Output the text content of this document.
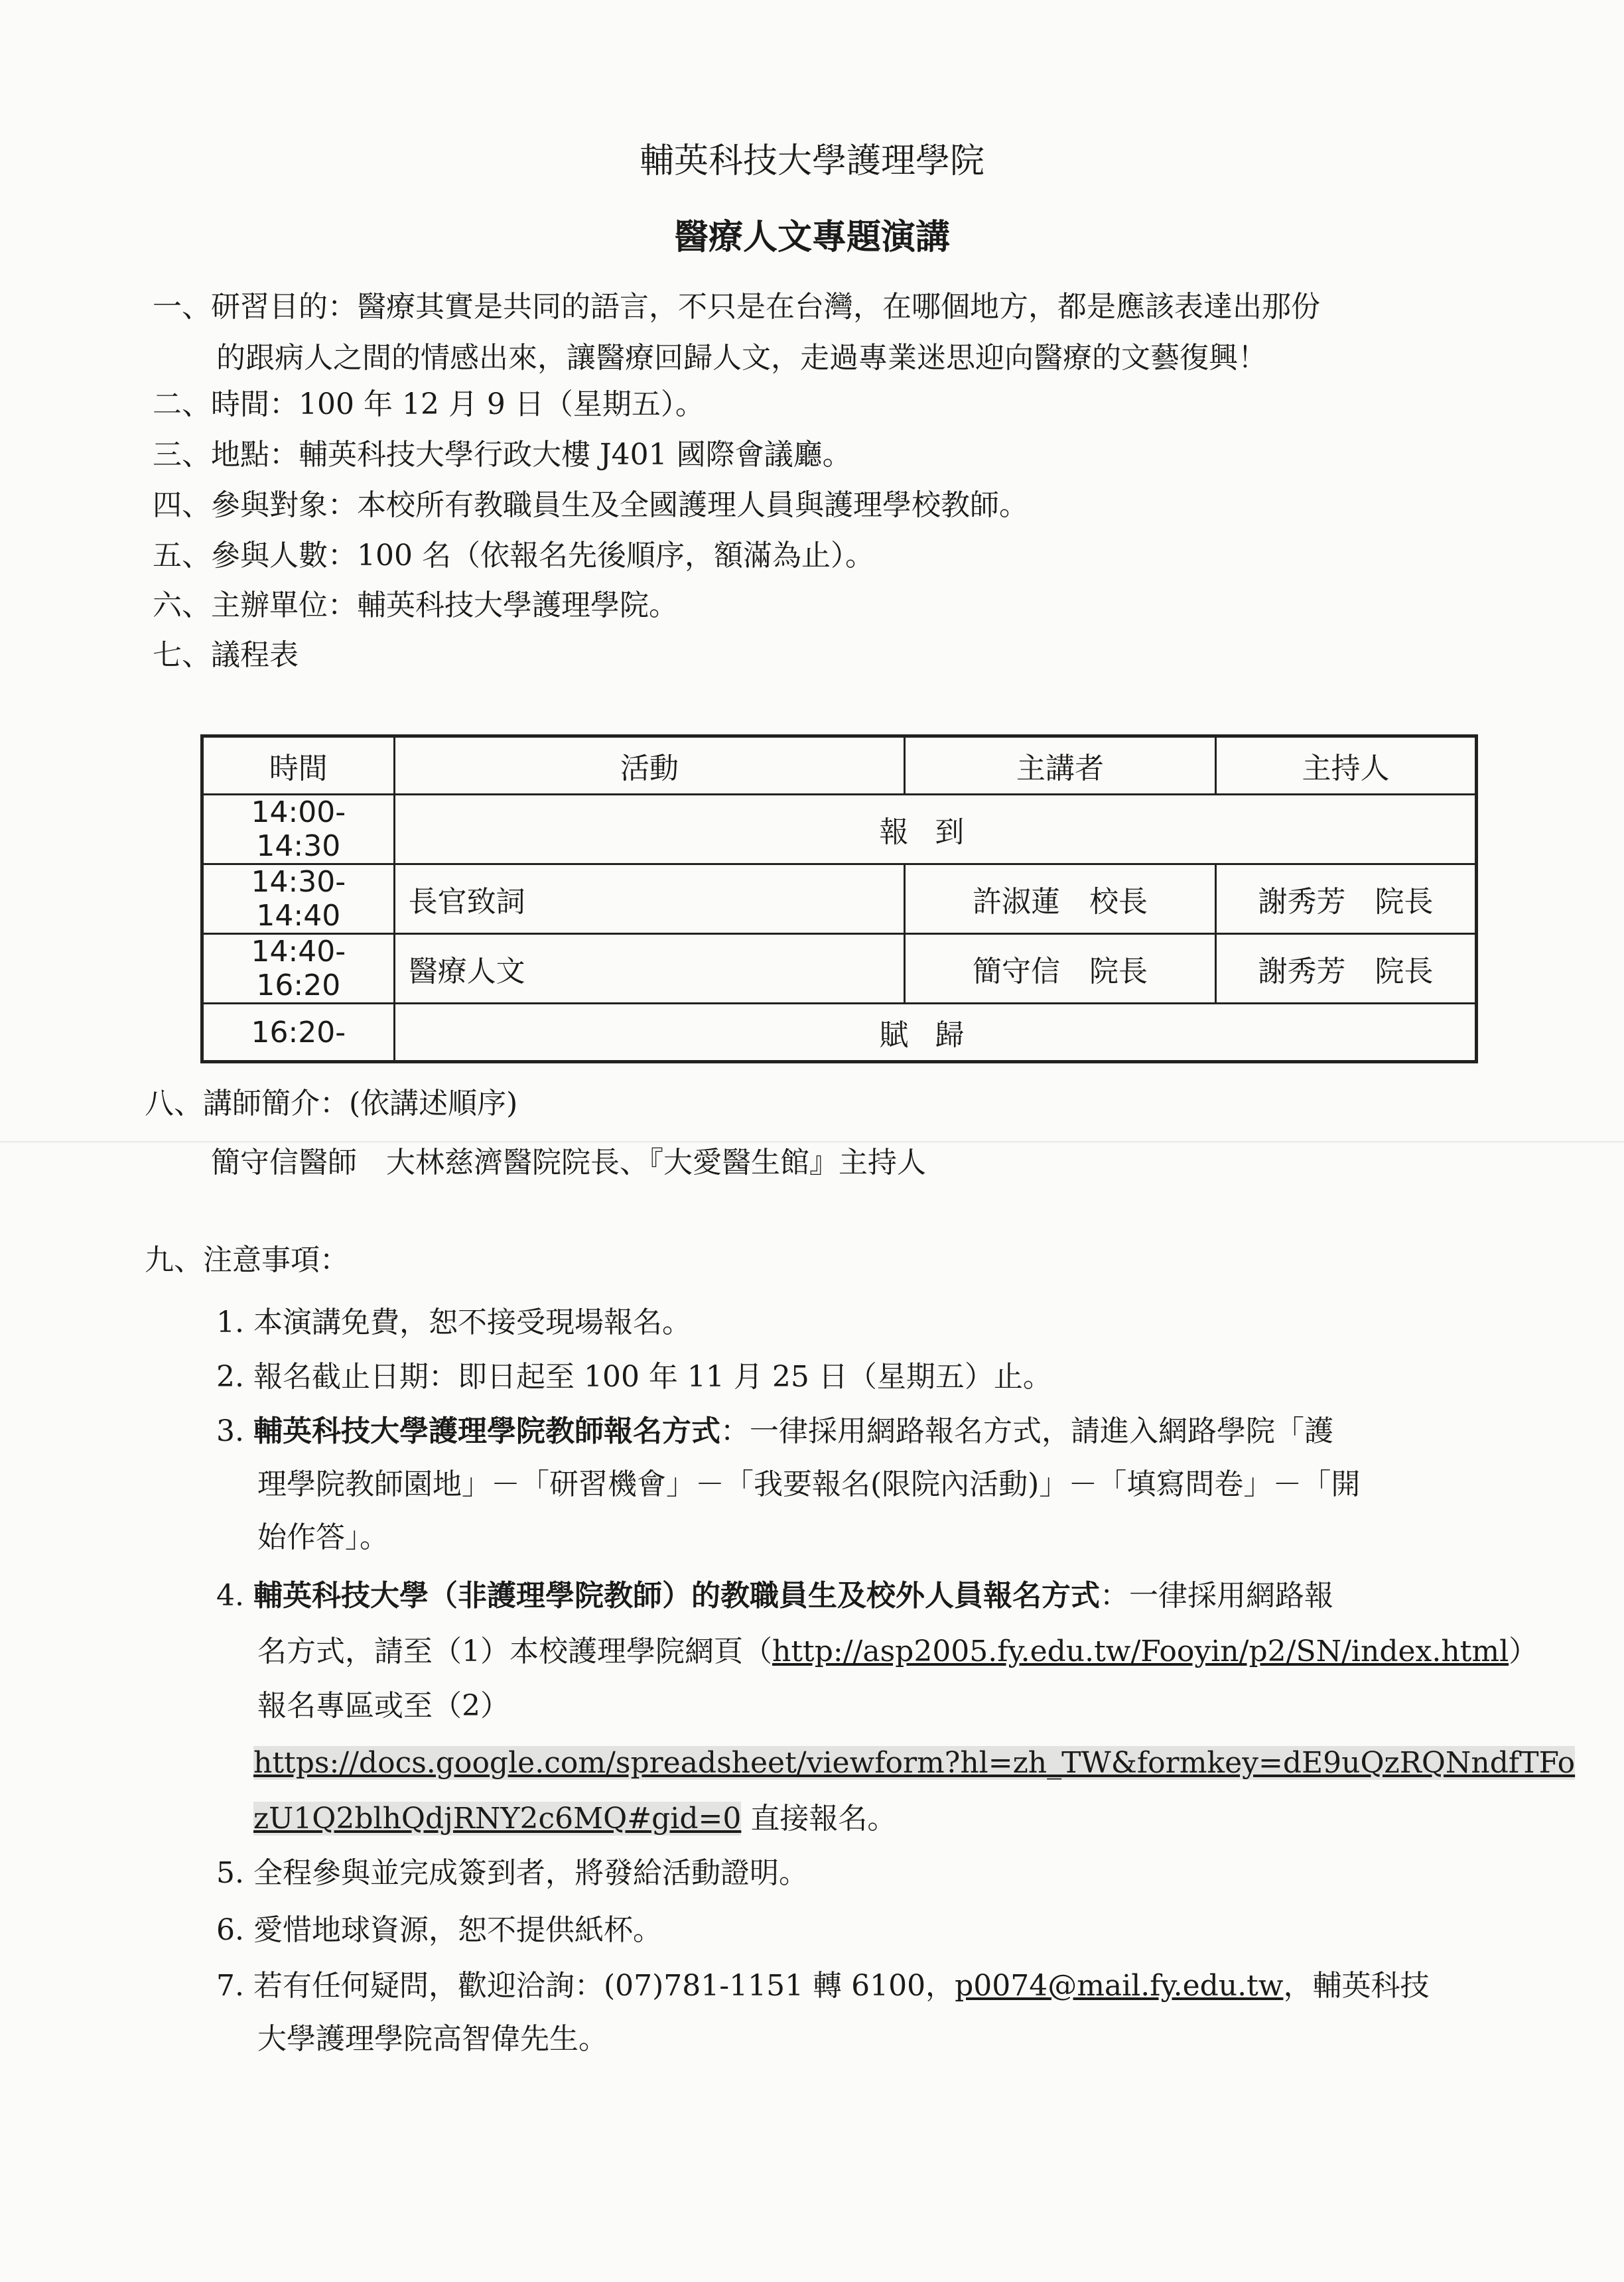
輔英科技大學護理學院
醫療人文專題演講
一、研習目的：醫療其實是共同的語言，不只是在台灣，在哪個地方，都是應該表達出那份
的跟病人之間的情感出來，讓醫療回歸人文，走過專業迷思迎向醫療的文藝復興！
二、時間：100 年 12 月 9 日（星期五）。
三、地點：輔英科技大學行政大樓 J401 國際會議廳。
四、參與對象：本校所有教職員生及全國護理人員與護理學校教師。
五、參與人數：100 名（依報名先後順序，額滿為止）。
六、主辦單位：輔英科技大學護理學院。
七、議程表
時間	活動	主講者	主持人
14:00-14:30	報到		
14:30-14:40	長官致詞	許淑蓮　校長	謝秀芳　院長
14:40-16:20	醫療人文	簡守信　院長	謝秀芳　院長
16:20-	賦歸		
八、講師簡介：(依講述順序)
簡守信醫師　大林慈濟醫院院長、『大愛醫生館』主持人
九、注意事項：
1. 本演講免費，恕不接受現場報名。
2. 報名截止日期：即日起至 100 年 11 月 25 日（星期五）止。
3. 輔英科技大學護理學院教師報名方式：一律採用網路報名方式，請進入網路學院「護
理學院教師園地」－「研習機會」－「我要報名(限院內活動)」－「填寫問卷」－「開
始作答」。
4. 輔英科技大學（非護理學院教師）的教職員生及校外人員報名方式：一律採用網路報
名方式，請至（1）本校護理學院網頁（http://asp2005.fy.edu.tw/Fooyin/p2/SN/index.html）
報名專區或至（2）
https://docs.google.com/spreadsheet/viewform?hl=zh_TW&formkey=dE9uQzRQNndfTFo
zU1Q2blhQdjRNY2c6MQ#gid=0 直接報名。
5. 全程參與並完成簽到者，將發給活動證明。
6. 愛惜地球資源，恕不提供紙杯。
7. 若有任何疑問，歡迎洽詢：(07)781-1151 轉 6100，p0074@mail.fy.edu.tw，輔英科技
大學護理學院高智偉先生。
